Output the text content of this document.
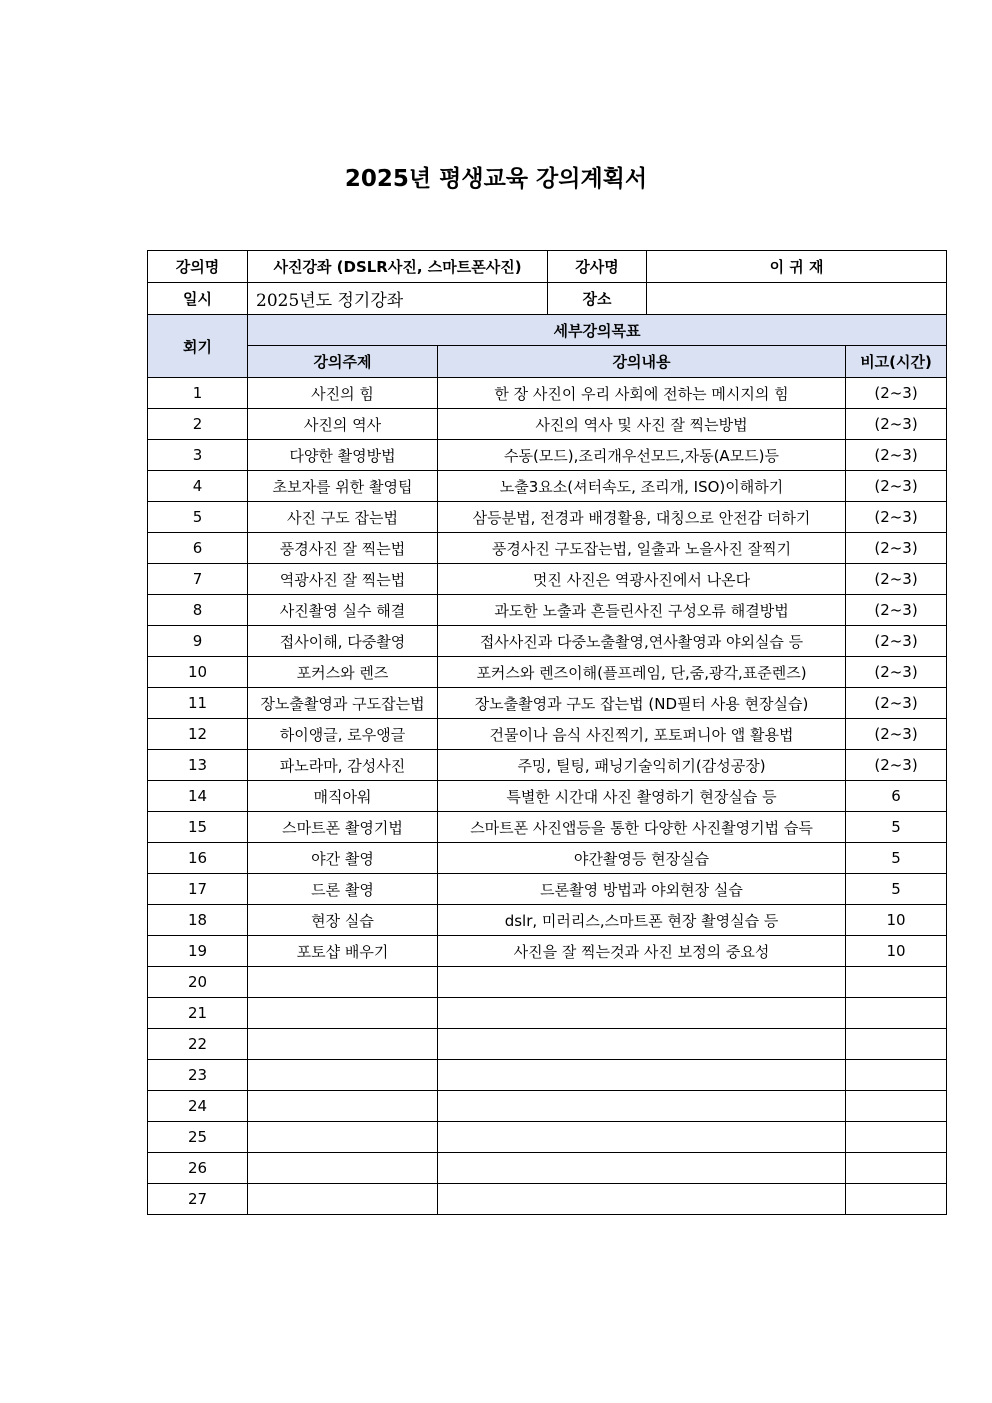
2025년 평생교육 강의계획서
강의명	사진강좌 (DSLR사진, 스마트폰사진)		강사명	이 귀 재	
일시	2025년도 정기강좌		장소		
회기	세부강의목표				
	강의주제	강의내용			비고(시간)
1	사진의 힘	한 장 사진이 우리 사회에 전하는 메시지의 힘			(2~3)
2	사진의 역사	사진의 역사 및 사진 잘 찍는방법			(2~3)
3	다양한 촬영방법	수동(모드),조리개우선모드,자동(A모드)등			(2~3)
4	초보자를 위한 촬영팁	노출3요소(셔터속도, 조리개, ISO)이해하기			(2~3)
5	사진 구도 잡는법	삼등분법, 전경과 배경활용, 대칭으로 안전감 더하기			(2~3)
6	풍경사진 잘 찍는법	풍경사진 구도잡는법, 일출과 노을사진 잘찍기			(2~3)
7	역광사진 잘 찍는법	멋진 사진은 역광사진에서 나온다			(2~3)
8	사진촬영 실수 해결	과도한 노출과 흔들린사진 구성오류 해결방법			(2~3)
9	접사이해, 다중촬영	접사사진과 다중노출촬영,연사촬영과 야외실습 등			(2~3)
10	포커스와 렌즈	포커스와 렌즈이해(플프레임, 단,줌,광각,표준렌즈)			(2~3)
11	장노출촬영과 구도잡는법	장노출촬영과 구도 잡는법 (ND필터 사용 현장실습)			(2~3)
12	하이앵글, 로우앵글	건물이나 음식 사진찍기, 포토퍼니아 앱 활용법			(2~3)
13	파노라마, 감성사진	주밍, 틸팅, 패닝기술익히기(감성공장)			(2~3)
14	매직아워	특별한 시간대 사진 촬영하기 현장실습 등			6
15	스마트폰 촬영기법	스마트폰 사진앱등을 통한 다양한 사진촬영기법 습득			5
16	야간 촬영	야간촬영등 현장실습			5
17	드론 촬영	드론촬영 방법과 야외현장 실습			5
18	현장 실습	dslr, 미러리스,스마트폰 현장 촬영실습 등			10
19	포토샵 배우기	사진을 잘 찍는것과 사진 보정의 중요성			10
20					
21					
22					
23					
24					
25					
26					
27					
